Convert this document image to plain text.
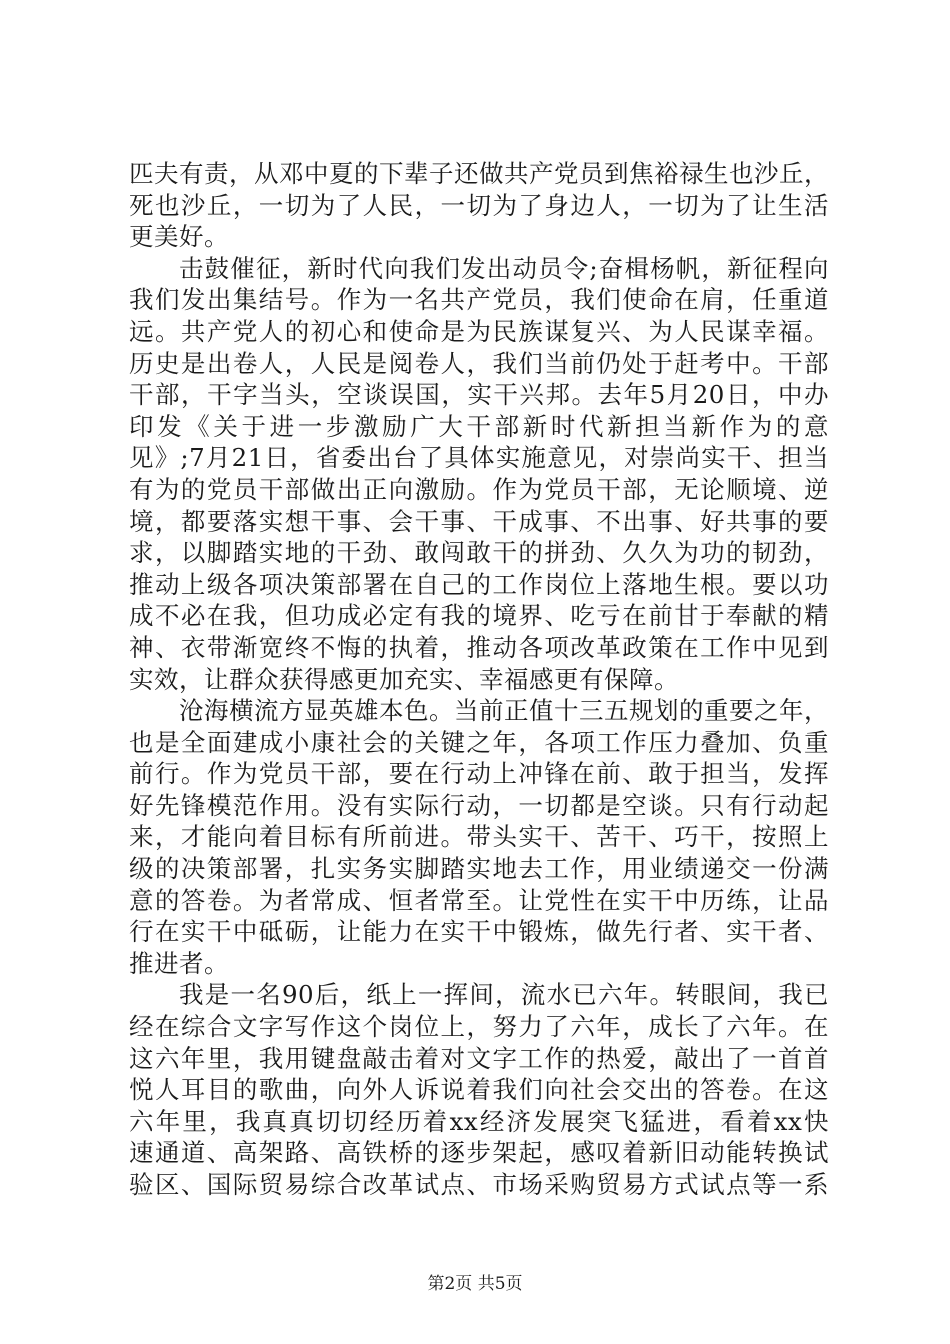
匹夫有责，从邓中夏的下辈子还做共产党员到焦裕禄生也沙丘，
死也沙丘，一切为了人民，一切为了身边人，一切为了让生活
更美好。
击鼓催征，新时代向我们发出动员令;奋楫杨帆，新征程向
我们发出集结号。作为一名共产党员，我们使命在肩，任重道
远。共产党人的初心和使命是为民族谋复兴、为人民谋幸福。
历史是出卷人，人民是阅卷人，我们当前仍处于赶考中。干部
干部，干字当头，空谈误国，实干兴邦。去年5月20日，中办
印发《关于进一步激励广大干部新时代新担当新作为的意
见》;7月21日，省委出台了具体实施意见，对崇尚实干、担当
有为的党员干部做出正向激励。作为党员干部，无论顺境、逆
境，都要落实想干事、会干事、干成事、不出事、好共事的要
求，以脚踏实地的干劲、敢闯敢干的拼劲、久久为功的韧劲，
推动上级各项决策部署在自己的工作岗位上落地生根。要以功
成不必在我，但功成必定有我的境界、吃亏在前甘于奉献的精
神、衣带渐宽终不悔的执着，推动各项改革政策在工作中见到
实效，让群众获得感更加充实、幸福感更有保障。
沧海横流方显英雄本色。当前正值十三五规划的重要之年，
也是全面建成小康社会的关键之年，各项工作压力叠加、负重
前行。作为党员干部，要在行动上冲锋在前、敢于担当，发挥
好先锋模范作用。没有实际行动，一切都是空谈。只有行动起
来，才能向着目标有所前进。带头实干、苦干、巧干，按照上
级的决策部署，扎实务实脚踏实地去工作，用业绩递交一份满
意的答卷。为者常成、恒者常至。让党性在实干中历练，让品
行在实干中砥砺，让能力在实干中锻炼，做先行者、实干者、
推进者。
我是一名90后，纸上一挥间，流水已六年。转眼间，我已
经在综合文字写作这个岗位上，努力了六年，成长了六年。在
这六年里，我用键盘敲击着对文字工作的热爱，敲出了一首首
悦人耳目的歌曲，向外人诉说着我们向社会交出的答卷。在这
六年里，我真真切切经历着xx经济发展突飞猛进，看着xx快
速通道、高架路、高铁桥的逐步架起，感叹着新旧动能转换试
验区、国际贸易综合改革试点、市场采购贸易方式试点等一系
第2页 共5页
